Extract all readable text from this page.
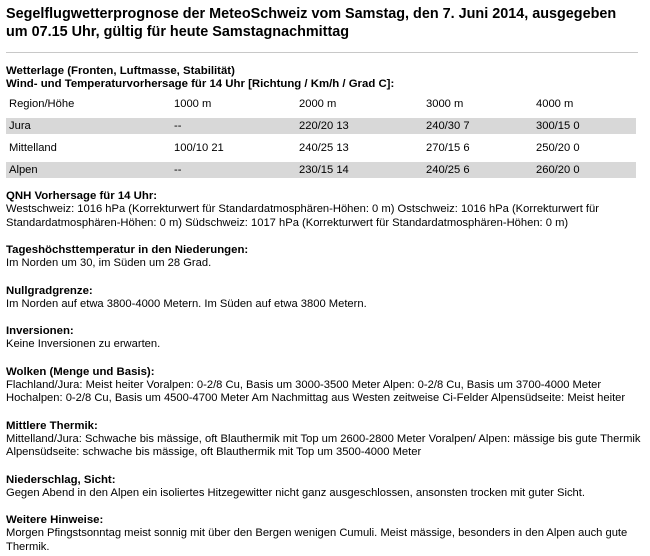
Segelflugwetterprognose der MeteoSchweiz vom Samstag, den 7. Juni 2014, ausgegeben um 07.15 Uhr, gültig für heute Samstagnachmittag

Wetterlage (Fronten, Luftmasse, Stabilität)

Wind- und Temperaturvorhersage für 14 Uhr [Richtung / Km/h / Grad C]:

Region/Höhe	1000 m	2000 m	3000 m	4000 m
Jura	--	220/20 13	240/30 7	300/15 0
Mittelland	100/10 21	240/25 13	270/15 6	250/20 0
Alpen	--	230/15 14	240/25 6	260/20 0
QNH Vorhersage für 14 Uhr:

Westschweiz: 1016 hPa (Korrekturwert für Standardatmosphären-Höhen: 0 m) Ostschweiz: 1016 hPa (Korrekturwert für Standardatmosphären-Höhen: 0 m) Südschweiz: 1017 hPa (Korrekturwert für Standardatmosphären-Höhen: 0 m)

Tageshöchsttemperatur in den Niederungen:

Im Norden um 30, im Süden um 28 Grad.

Nullgradgrenze:

Im Norden auf etwa 3800-4000 Metern. Im Süden auf etwa 3800 Metern.

Inversionen:

Keine Inversionen zu erwarten.

Wolken (Menge und Basis):

Flachland/Jura: Meist heiter Voralpen: 0-2/8 Cu, Basis um 3000-3500 Meter Alpen: 0-2/8 Cu, Basis um 3700-4000 Meter Hochalpen: 0-2/8 Cu, Basis um 4500-4700 Meter Am Nachmittag aus Westen zeitweise Ci-Felder Alpensüdseite: Meist heiter

Mittlere Thermik:

Mittelland/Jura: Schwache bis mässige, oft Blauthermik mit Top um 2600-2800 Meter Voralpen/ Alpen: mässige bis gute Thermik Alpensüdseite: schwache bis mässige, oft Blauthermik mit Top um 3500-4000 Meter

Niederschlag, Sicht:

Gegen Abend in den Alpen ein isoliertes Hitzegewitter nicht ganz ausgeschlossen, ansonsten trocken mit guter Sicht.

Weitere Hinweise:

Morgen Pfingstsonntag meist sonnig mit über den Bergen wenigen Cumuli. Meist mässige, besonders in den Alpen auch gute Thermik.
